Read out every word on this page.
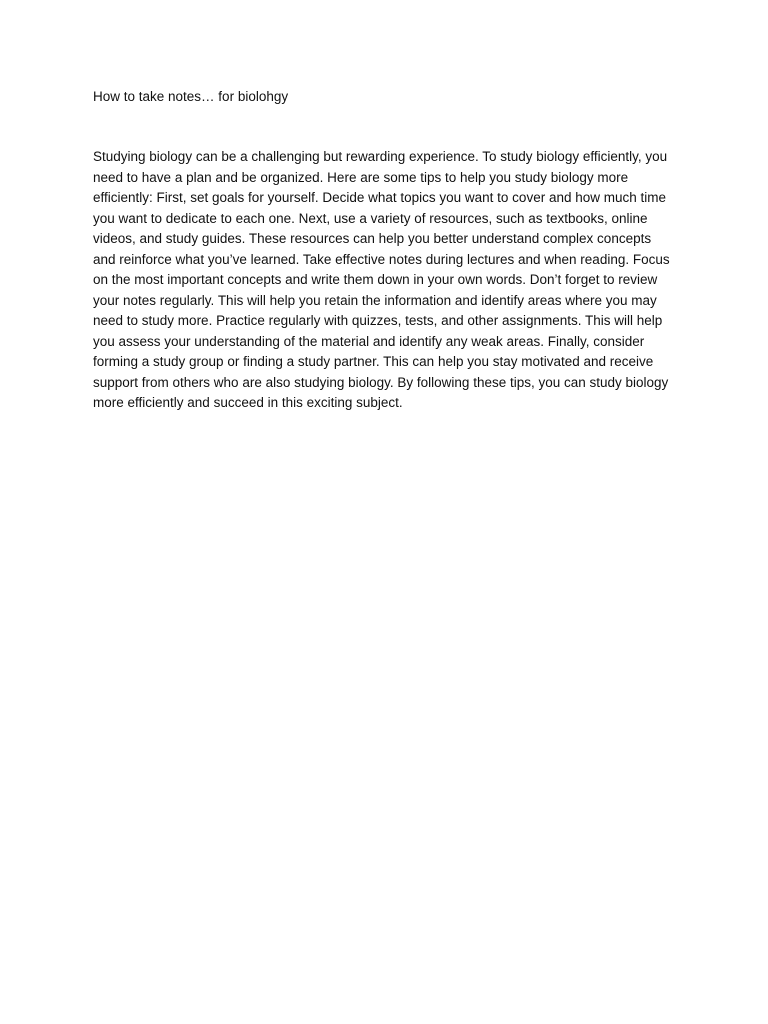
How to take notes… for biolohgy

Studying biology can be a challenging but rewarding experience. To study biology efficiently, you need to have a plan and be organized. Here are some tips to help you study biology more efficiently: First, set goals for yourself. Decide what topics you want to cover and how much time you want to dedicate to each one. Next, use a variety of resources, such as textbooks, online videos, and study guides. These resources can help you better understand complex concepts and reinforce what you’ve learned. Take effective notes during lectures and when reading. Focus on the most important concepts and write them down in your own words. Don’t forget to review your notes regularly. This will help you retain the information and identify areas where you may need to study more. Practice regularly with quizzes, tests, and other assignments. This will help you assess your understanding of the material and identify any weak areas. Finally, consider forming a study group or finding a study partner. This can help you stay motivated and receive support from others who are also studying biology. By following these tips, you can study biology more efficiently and succeed in this exciting subject.
